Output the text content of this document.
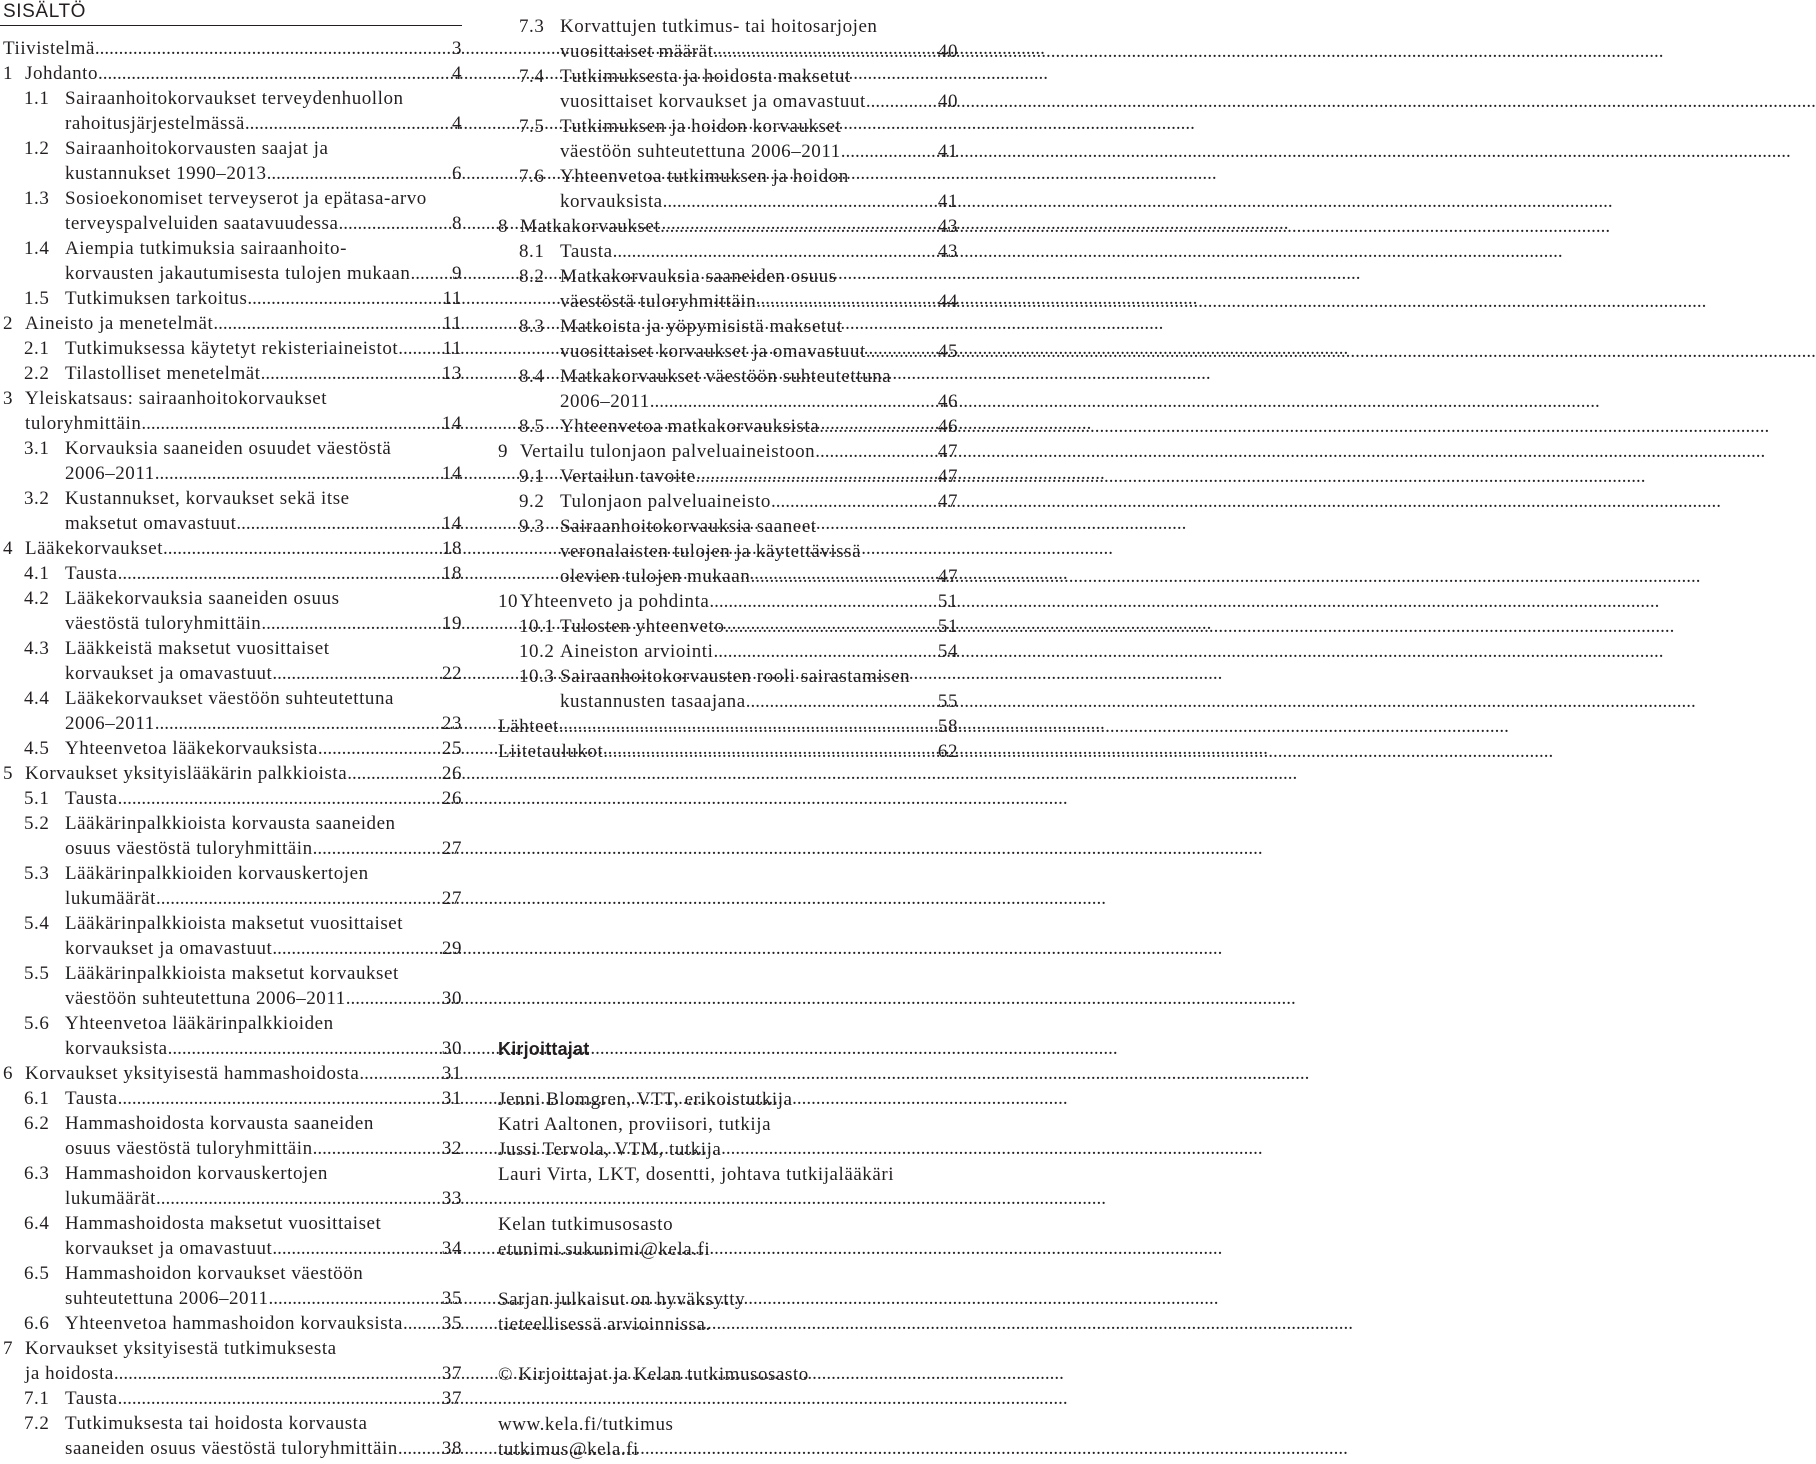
SISÄLTÖ
Tiivistelmä .....	3
1 Johdanto .....	4
1.1 Sairaanhoitokorvaukset terveydenhuollon
rahoitusjärjestelmässä .....	4
1.2 Sairaanhoitokorvausten saajat ja
kustannukset 1990–2013 .....	6
1.3 Sosioekonomiset terveyserot ja epätasa-arvo
terveyspalveluiden saatavuudessa .....	8
1.4 Aiempia tutkimuksia sairaanhoito-
korvausten jakautumisesta tulojen mukaan ..... 9
1.5 Tutkimuksen tarkoitus .....	11
2 Aineisto ja menetelmät .....	11
2.1 Tutkimuksessa käytetyt rekisteriaineistot ..... 11
2.2 Tilastolliset menetelmät .....	13
3 Yleiskatsaus: sairaanhoitokorvaukset
tuloryhmittäin .....	14
3.1 Korvauksia saaneiden osuudet väestöstä
2006–2011 .....	14
3.2 Kustannukset, korvaukset sekä itse
maksetut omavastuut .....	14
4 Lääkekorvaukset .....	18
4.1 Tausta .....	18
4.2 Lääkekorvauksia saaneiden osuus
väestöstä tuloryhmittäin .....	19
4.3 Lääkkeistä maksetut vuosittaiset
korvaukset ja omavastuut .....	22
4.4 Lääkekorvaukset väestöön suhteutettuna
2006–2011 .....	23
4.5 Yhteenvetoa lääkekorvauksista .....	25
5 Korvaukset yksityislääkärin palkkioista .....	26
5.1 Tausta .....	26
5.2 Lääkärinpalkkioista korvausta saaneiden
osuus väestöstä tuloryhmittäin .....	27
5.3 Lääkärinpalkkioiden korvauskertojen
lukumäärät .....	27
5.4 Lääkärinpalkkioista maksetut vuosittaiset
korvaukset ja omavastuut .....	29
5.5 Lääkärinpalkkioista maksetut korvaukset
väestöön suhteutettuna 2006–2011 .....	30
5.6 Yhteenvetoa lääkärinpalkkioiden
korvauksista .....	30
6 Korvaukset yksityisestä hammashoidosta .....	31
6.1 Tausta .....	31
6.2 Hammashoidosta korvausta saaneiden
osuus väestöstä tuloryhmittäin .....	32
6.3 Hammashoidon korvauskertojen
lukumäärät .....	33
6.4 Hammashoidosta maksetut vuosittaiset
korvaukset ja omavastuut .....	34
6.5 Hammashoidon korvaukset väestöön
suhteutettuna 2006–2011 .....	35
6.6 Yhteenvetoa hammashoidon korvauksista ..... 35
7 Korvaukset yksityisestä tutkimuksesta
ja hoidosta .....	37
7.1 Tausta .....	37
7.2 Tutkimuksesta tai hoidosta korvausta
saaneiden osuus väestöstä tuloryhmittäin ..... 38
7.3 Korvattujen tutkimus- tai hoitosarjojen
vuosittaiset määrät .....	40
7.4 Tutkimuksesta ja hoidosta maksetut
vuosittaiset korvaukset ja omavastuut .....	40
7.5 Tutkimuksen ja hoidon korvaukset
väestöön suhteutettuna 2006–2011 .....	41
7.6 Yhteenvetoa tutkimuksen ja hoidon
korvauksista .....	41
8 Matkakorvaukset .....	43
8.1 Tausta .....	43
8.2 Matkakorvauksia saaneiden osuus
väestöstä tuloryhmittäin .....	44
8.3 Matkoista ja yöpymisistä maksetut
vuosittaiset korvaukset ja omavastuut .....	45
8.4 Matkakorvaukset väestöön suhteutettuna
2006–2011 .....	46
8.5 Yhteenvetoa matkakorvauksista .....	46
9 Vertailu tulonjaon palveluaineistoon .....	47
9.1 Vertailun tavoite .....	47
9.2 Tulonjaon palveluaineisto .....	47
9.3 Sairaanhoitokorvauksia saaneet
veronalaisten tulojen ja käytettävissä
olevien tulojen mukaan .....	47
10 Yhteenveto ja pohdinta .....	51
10.1 Tulosten yhteenveto .....	51
10.2 Aineiston arviointi .....	54
10.3 Sairaanhoitokorvausten rooli sairastamisen
kustannusten tasaajana .....	55
Lähteet .....	58
Liitetaulukot .....	62
Kirjoittajat
Jenni Blomgren, VTT, erikoistutkija
Katri Aaltonen, proviisori, tutkija
Jussi Tervola, VTM, tutkija
Lauri Virta, LKT, dosentti, johtava tutkijalääkäri
Kelan tutkimusosasto
etunimi.sukunimi@kela.fi
Sarjan julkaisut on hyväksytty
tieteellisessä arvioinnissa.
© Kirjoittajat ja Kelan tutkimusosasto
www.kela.fi/tutkimus
tutkimus@kela.fi
